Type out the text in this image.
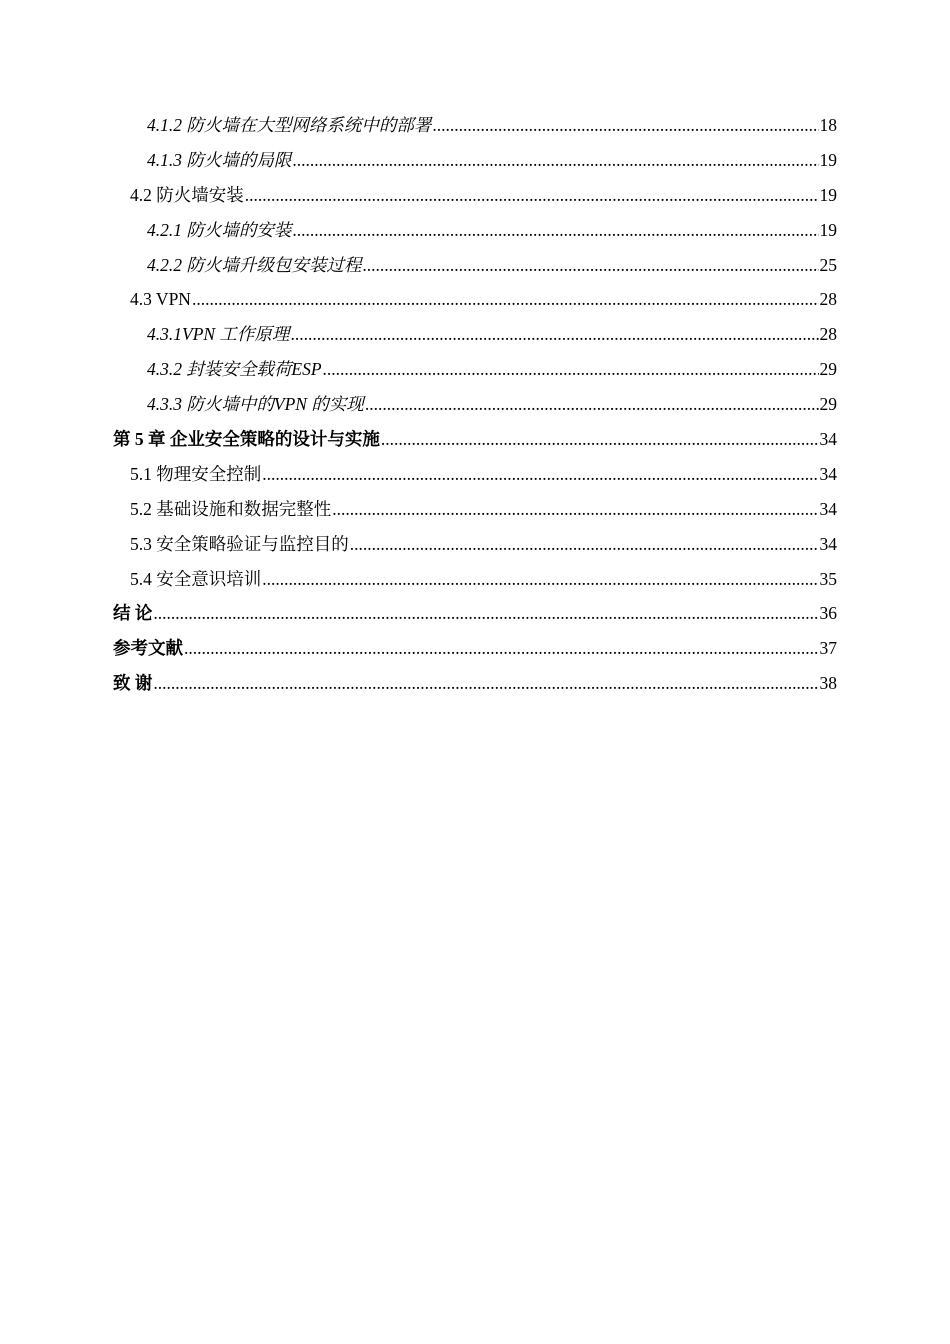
4.1.2 防火墙在大型网络系统中的部署 .....	18
4.1.3 防火墙的局限 .....	19
4.2 防火墙安装 .....	19
4.2.1 防火墙的安装 .....	19
4.2.2 防火墙升级包安装过程 .....	25
4.3 VPN .....	28
4.3.1VPN 工作原理 .....	28
4.3.2 封装安全载荷ESP .....	29
4.3.3 防火墙中的VPN 的实现 .....	29
第 5 章 企业安全策略的设计与实施 .....	34
5.1 物理安全控制 .....	34
5.2 基础设施和数据完整性 .....	34
5.3 安全策略验证与监控目的 .....	34
5.4 安全意识培训 .....	35
结 论 .....	36
参考文献 .....	37
致 谢 .....	38
